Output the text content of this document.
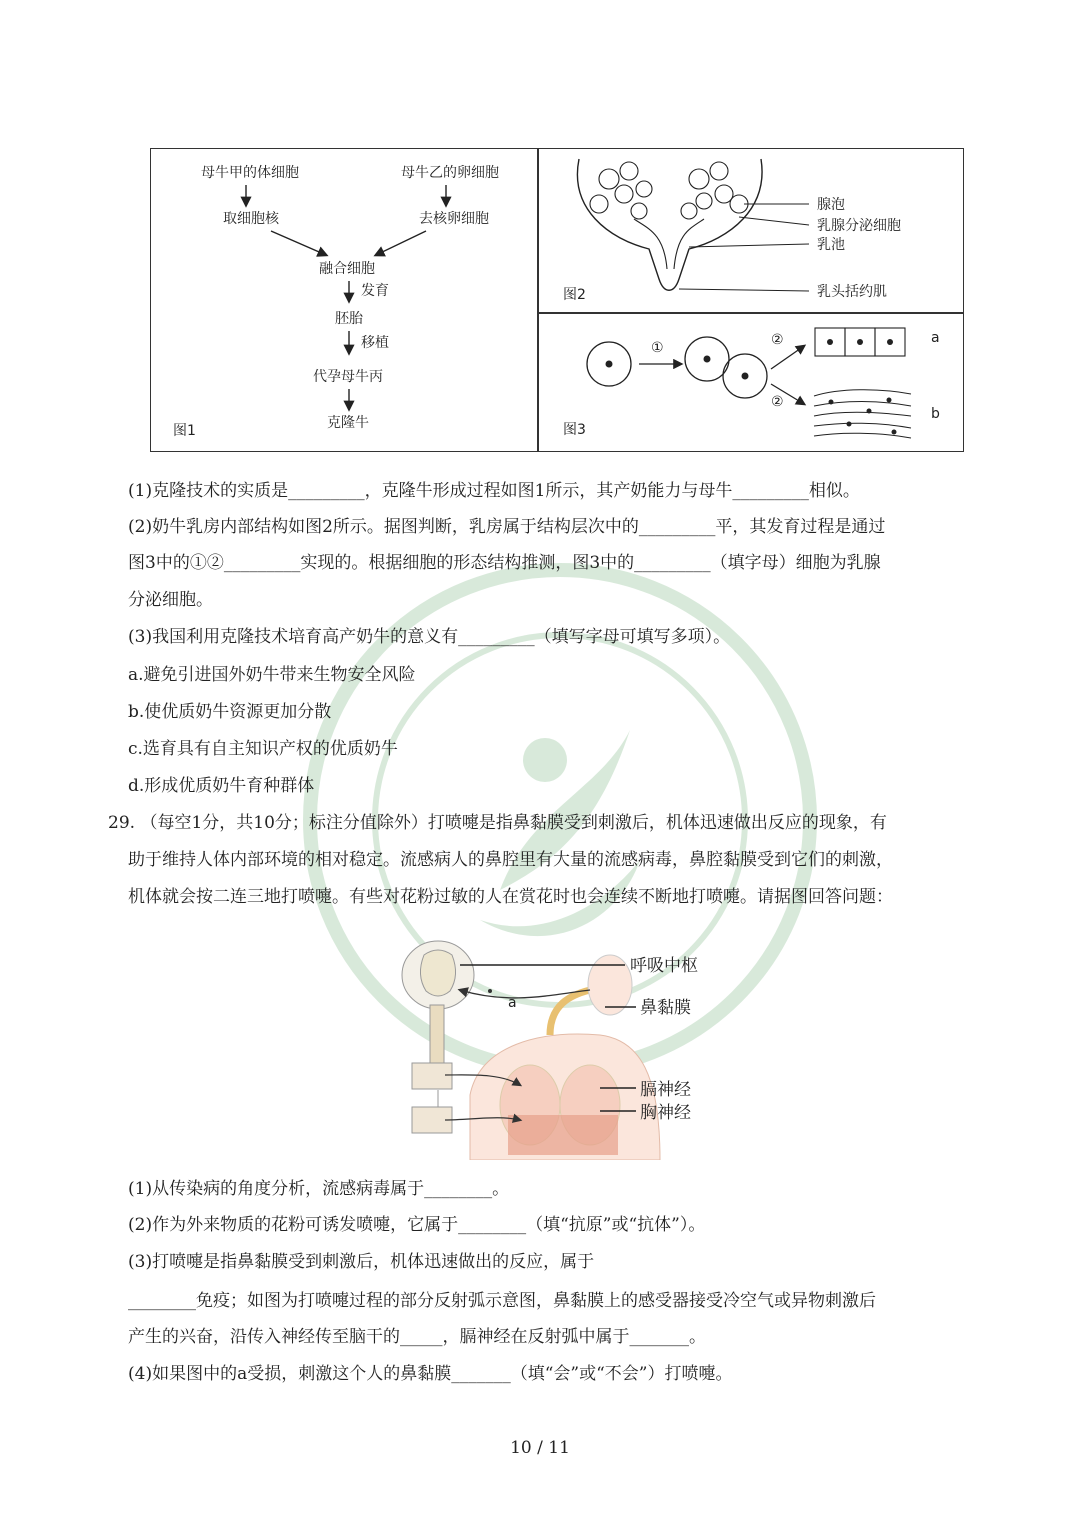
母牛甲的体细胞	母牛乙的卵细胞
取细胞核	去核卵细胞
融合细胞
发育
胚胎
移植
代孕母牛丙
克隆牛
图1
腺泡
乳腺分泌细胞
乳池
乳头括约肌
图2
①	②
②
a
b
图3
(1)克隆技术的实质是_________，克隆牛形成过程如图1所示，其产奶能力与母牛_________相似。
(2)奶牛乳房内部结构如图2所示。据图判断，乳房属于结构层次中的_________平，其发育过程是通过
图3中的①②_________实现的。根据细胞的形态结构推测，图3中的_________（填字母）细胞为乳腺
分泌细胞。
(3)我国利用克隆技术培育高产奶牛的意义有_________（填写字母可填写多项）。
a.避免引进国外奶牛带来生物安全风险
b.使优质奶牛资源更加分散
c.选育具有自主知识产权的优质奶牛
d.形成优质奶牛育种群体
29. （每空1分，共10分；标注分值除外）打喷嚏是指鼻黏膜受到刺激后，机体迅速做出反应的现象，有
助于维持人体内部环境的相对稳定。流感病人的鼻腔里有大量的流感病毒，鼻腔黏膜受到它们的刺激，
机体就会按二连三地打喷嚏。有些对花粉过敏的人在赏花时也会连续不断地打喷嚏。请据图回答问题：
a
呼吸中枢
鼻黏膜
膈神经
胸神经
(1)从传染病的角度分析，流感病毒属于________。
(2)作为外来物质的花粉可诱发喷嚏，它属于________（填“抗原”或“抗体”）。
(3)打喷嚏是指鼻黏膜受到刺激后，机体迅速做出的反应，属于
________免疫；如图为打喷嚏过程的部分反射弧示意图，鼻黏膜上的感受器接受冷空气或异物刺激后
产生的兴奋，沿传入神经传至脑干的_____，膈神经在反射弧中属于_______。
(4)如果图中的a受损，刺激这个人的鼻黏膜_______（填“会”或“不会”）打喷嚏。
10 / 11
